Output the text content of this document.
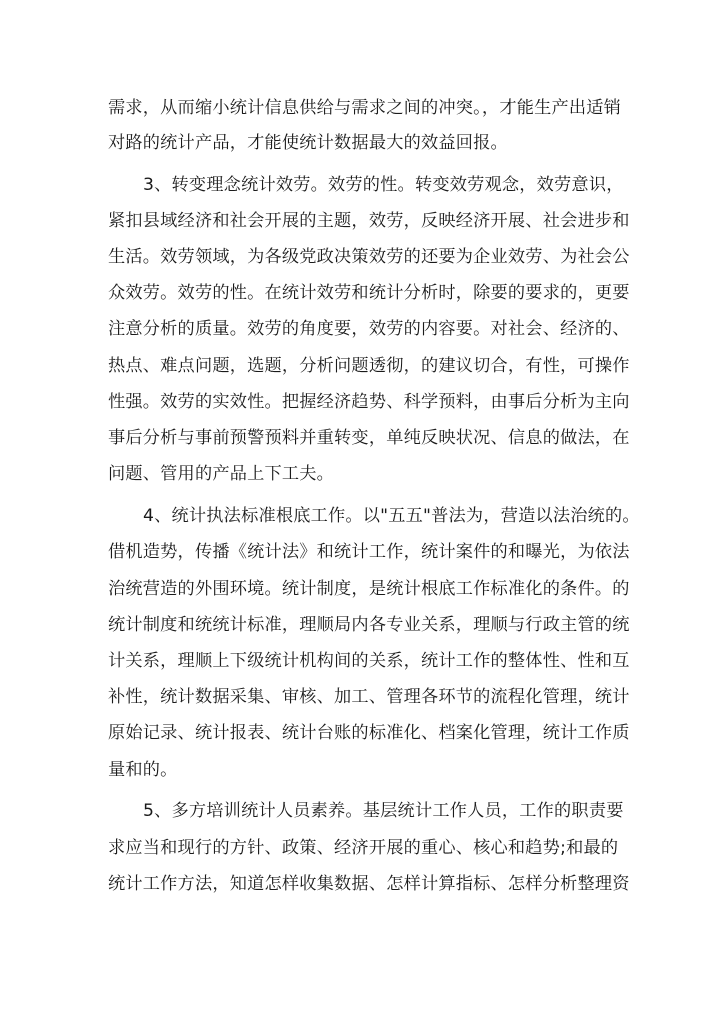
需求，从而缩小统计信息供给与需求之间的冲突。，才能生产出适销
对路的统计产品，才能使统计数据最大的效益回报。
3、转变理念统计效劳。效劳的性。转变效劳观念，效劳意识，
紧扣县域经济和社会开展的主题，效劳，反映经济开展、社会进步和
生活。效劳领域，为各级党政决策效劳的还要为企业效劳、为社会公
众效劳。效劳的性。在统计效劳和统计分析时，除要的要求的，更要
注意分析的质量。效劳的角度要，效劳的内容要。对社会、经济的、
热点、难点问题，选题，分析问题透彻，的建议切合，有性，可操作
性强。效劳的实效性。把握经济趋势、科学预料，由事后分析为主向
事后分析与事前预警预料并重转变，单纯反映状况、信息的做法，在
问题、管用的产品上下工夫。
4、统计执法标准根底工作。以"五五"普法为，营造以法治统的。
借机造势，传播《统计法》和统计工作，统计案件的和曝光，为依法
治统营造的外围环境。统计制度，是统计根底工作标准化的条件。的
统计制度和统统计标准，理顺局内各专业关系，理顺与行政主管的统
计关系，理顺上下级统计机构间的关系，统计工作的整体性、性和互
补性，统计数据采集、审核、加工、管理各环节的流程化管理，统计
原始记录、统计报表、统计台账的标准化、档案化管理，统计工作质
量和的。
5、多方培训统计人员素养。基层统计工作人员，工作的职责要
求应当和现行的方针、政策、经济开展的重心、核心和趋势;和最的
统计工作方法，知道怎样收集数据、怎样计算指标、怎样分析整理资
